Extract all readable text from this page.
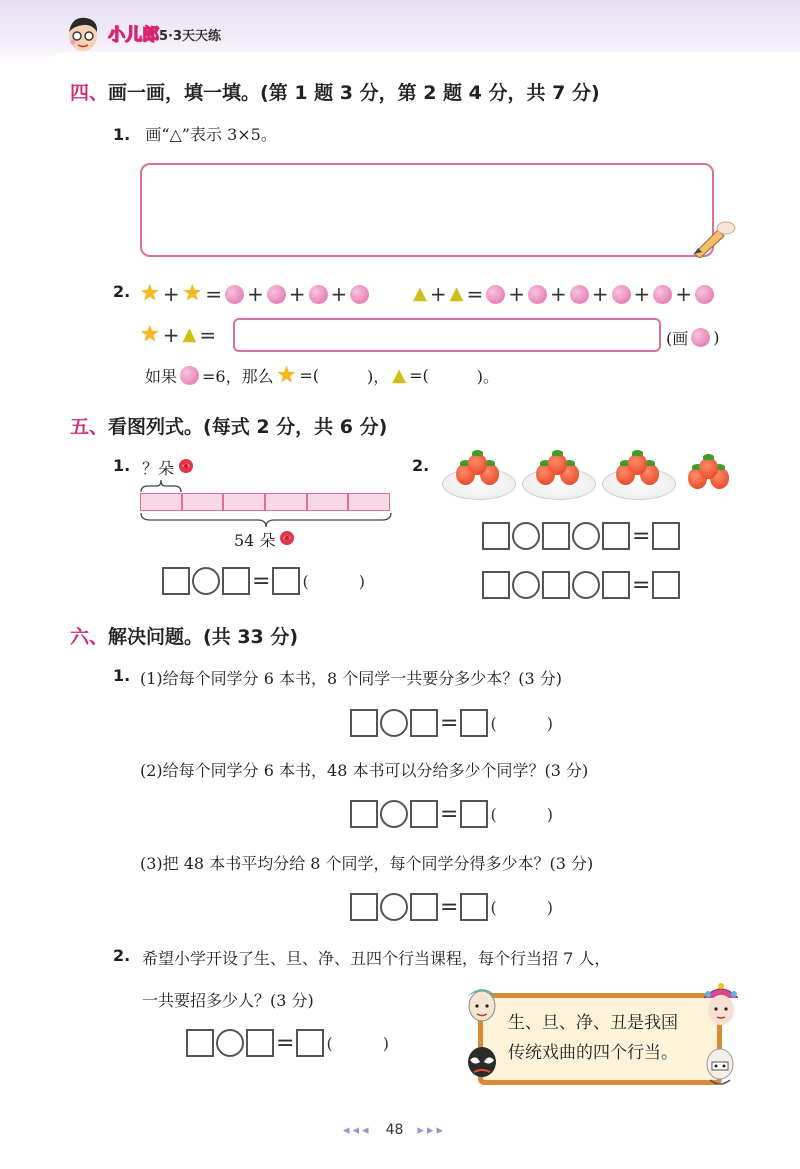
小儿郎5·3天天练
四、画一画，填一填。(第 1 题 3 分，第 2 题 4 分，共 7 分)
1. 画“△”表示 3×5。
2. ★ + ★ = + + +	▲ + ▲ = + + + + +
★ + ▲ =	(画 )
如果 =6，那么 ★ =(	)， ▲ =(	)。
五、看图列式。(每式 2 分，共 6 分)
1. ？朵
54 朵
= (	)
2.
=
=
六、解决问题。(共 33 分)
1. (1)给每个同学分 6 本书，8 个同学一共要分多少本？(3 分)
= (	)
(2)给每个同学分 6 本书，48 本书可以分给多少个同学？(3 分)
= (	)
(3)把 48 本书平均分给 8 个同学，每个同学分得多少本？(3 分)
= (	)
2. 希望小学开设了生、旦、净、丑四个行当课程，每个行当招 7 人，
一共要招多少人？(3 分)
= (	)
生、旦、净、丑是我国
传统戏曲的四个行当。
◂◂◂ 48 ▸▸▸
